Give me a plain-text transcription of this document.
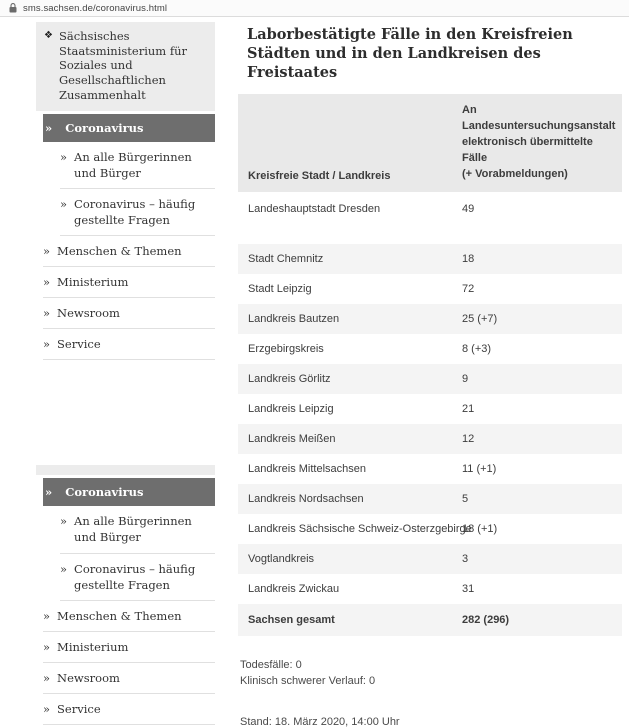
sms.sachsen.de/coronavirus.html
❖ Sächsisches Staatsministerium für Soziales und Gesellschaftlichen Zusammenhalt
» Coronavirus
» An alle Bürgerinnen und Bürger
» Coronavirus – häufig gestellte Fragen
» Menschen & Themen
» Ministerium
» Newsroom
» Service
» Coronavirus
» An alle Bürgerinnen und Bürger
» Coronavirus – häufig gestellte Fragen
» Menschen & Themen
» Ministerium
» Newsroom
» Service
Laborbestätigte Fälle in den Kreisfreien Städten und in den Landkreisen des Freistaates
Kreisfreie Stadt / Landkreis	An Landesuntersuchungsanstalt
elektronisch übermittelte Fälle
(+ Vorabmeldungen)

Landeshauptstadt Dresden	49
Stadt Chemnitz	18
Stadt Leipzig	72
Landkreis Bautzen	25 (+7)
Erzgebirgskreis	8 (+3)
Landkreis Görlitz	9
Landkreis Leipzig	21
Landkreis Meißen	12
Landkreis Mittelsachsen	11 (+1)
Landkreis Nordsachsen	5
Landkreis Sächsische Schweiz-Osterzgebirge	18 (+1)
Vogtlandkreis	3
Landkreis Zwickau	31
Sachsen gesamt	282 (296)

Todesfälle: 0

Klinisch schwerer Verlauf: 0

Stand: 18. März 2020, 14:00 Uhr
